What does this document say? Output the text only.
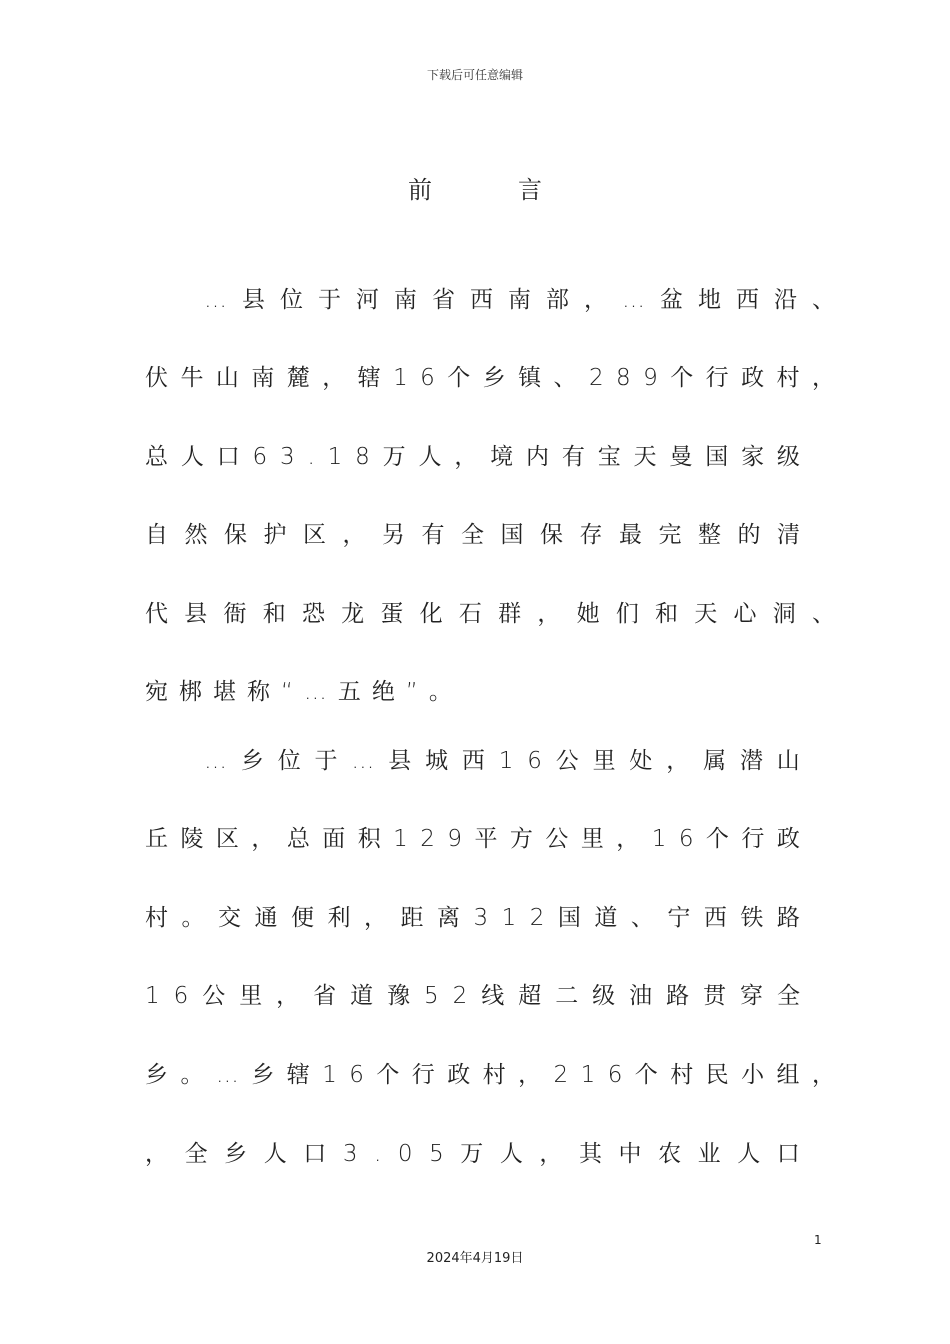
下载后可任意编辑
前言
… 县 位 于 河 南 省 西 南 部 ， … 盆 地 西 沿 、
伏 牛 山 南 麓 ， 辖 1 6 个 乡 镇 、 2 8 9 个 行 政 村 ，
总 人 口 6 3 . 1 8 万 人 ， 境 内 有 宝 天 曼 国 家 级
自 然 保 护 区 ， 另 有 全 国 保 存 最 完 整 的 清
代 县 衙 和 恐 龙 蛋 化 石 群 ， 她 们 和 天 心 洞 、
宛梆堪称“…五绝”。
… 乡 位 于 … 县 城 西 1 6 公 里 处 ， 属 潜 山
丘 陵 区 ， 总 面 积 1 2 9 平 方 公 里 ， 1 6 个 行 政
村 。 交 通 便 利 ， 距 离 3 1 2 国 道 、 宁 西 铁 路
1 6 公 里 ， 省 道 豫 5 2 线 超 二 级 油 路 贯 穿 全
乡 。 … 乡 辖 1 6 个 行 政 村 ， 2 1 6 个 村 民 小 组 ，
， 全 乡 人 口 3 . 0 5 万 人 ， 其 中 农 业 人 口
1
2024年4月19日
